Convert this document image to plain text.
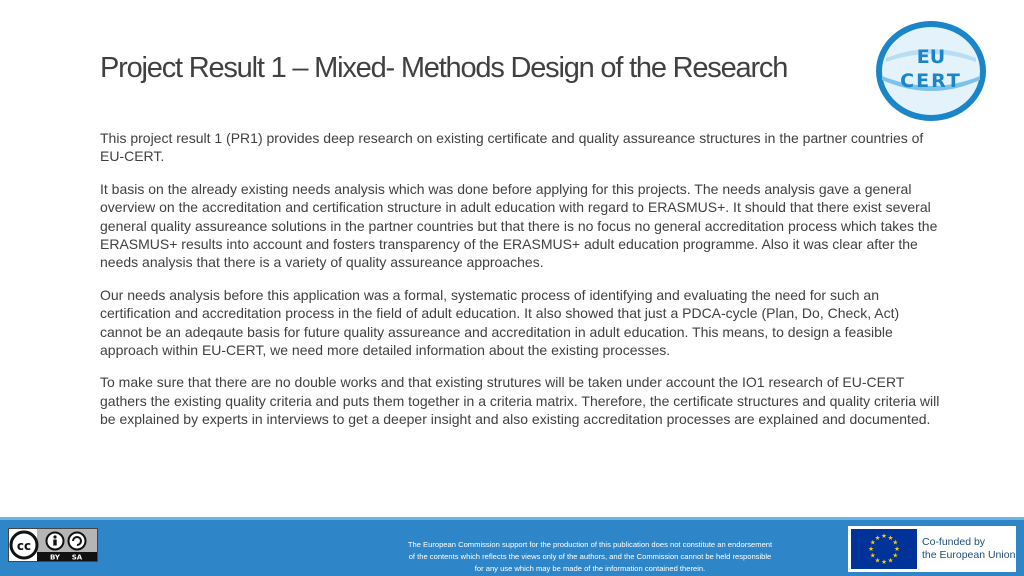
Project Result 1 – Mixed- Methods Design of the Research	EU
CERT

This project result 1 (PR1) provides deep research on existing certificate and quality assureance structures in the partner countries of EU-CERT.

It basis on the already existing needs analysis which was done before applying for this projects. The needs analysis gave a general overview on the accreditation and certification structure in adult education with regard to ERASMUS+. It should that there exist several general quality assureance solutions in the partner countries but that there is no focus no general accreditation process which takes the ERASMUS+ results into account and fosters transparency of the ERASMUS+ adult education programme. Also it was clear after the needs analysis that there is a variety of quality assureance approaches.

Our needs analysis before this application was a formal, systematic process of identifying and evaluating the need for such an certification and accreditation process in the field of adult education. It also showed that just a PDCA-cycle (Plan, Do, Check, Act) cannot be an adeqaute basis for future quality assureance and accreditation in adult education. This means, to design a feasible approach within EU-CERT, we need more detailed information about the existing processes.

To make sure that there are no double works and that existing strutures will be taken under account the IO1 research of EU-CERT gathers the existing quality criteria and puts them together in a criteria matrix. Therefore, the certificate structures and quality criteria will be explained by experts in interviews to get a deeper insight and also existing accreditation processes are explained and documented.

cc
BY SA
The European Commission support for the production of this publication does not constitute an endorsement
of the contents which reflects the views only of the authors, and the Commission cannot be held responsible
for any use which may be made of the information contained therein.
★ ★
★
★
★
★
★
★
★
★
★
★	Co-funded by
the European Union
